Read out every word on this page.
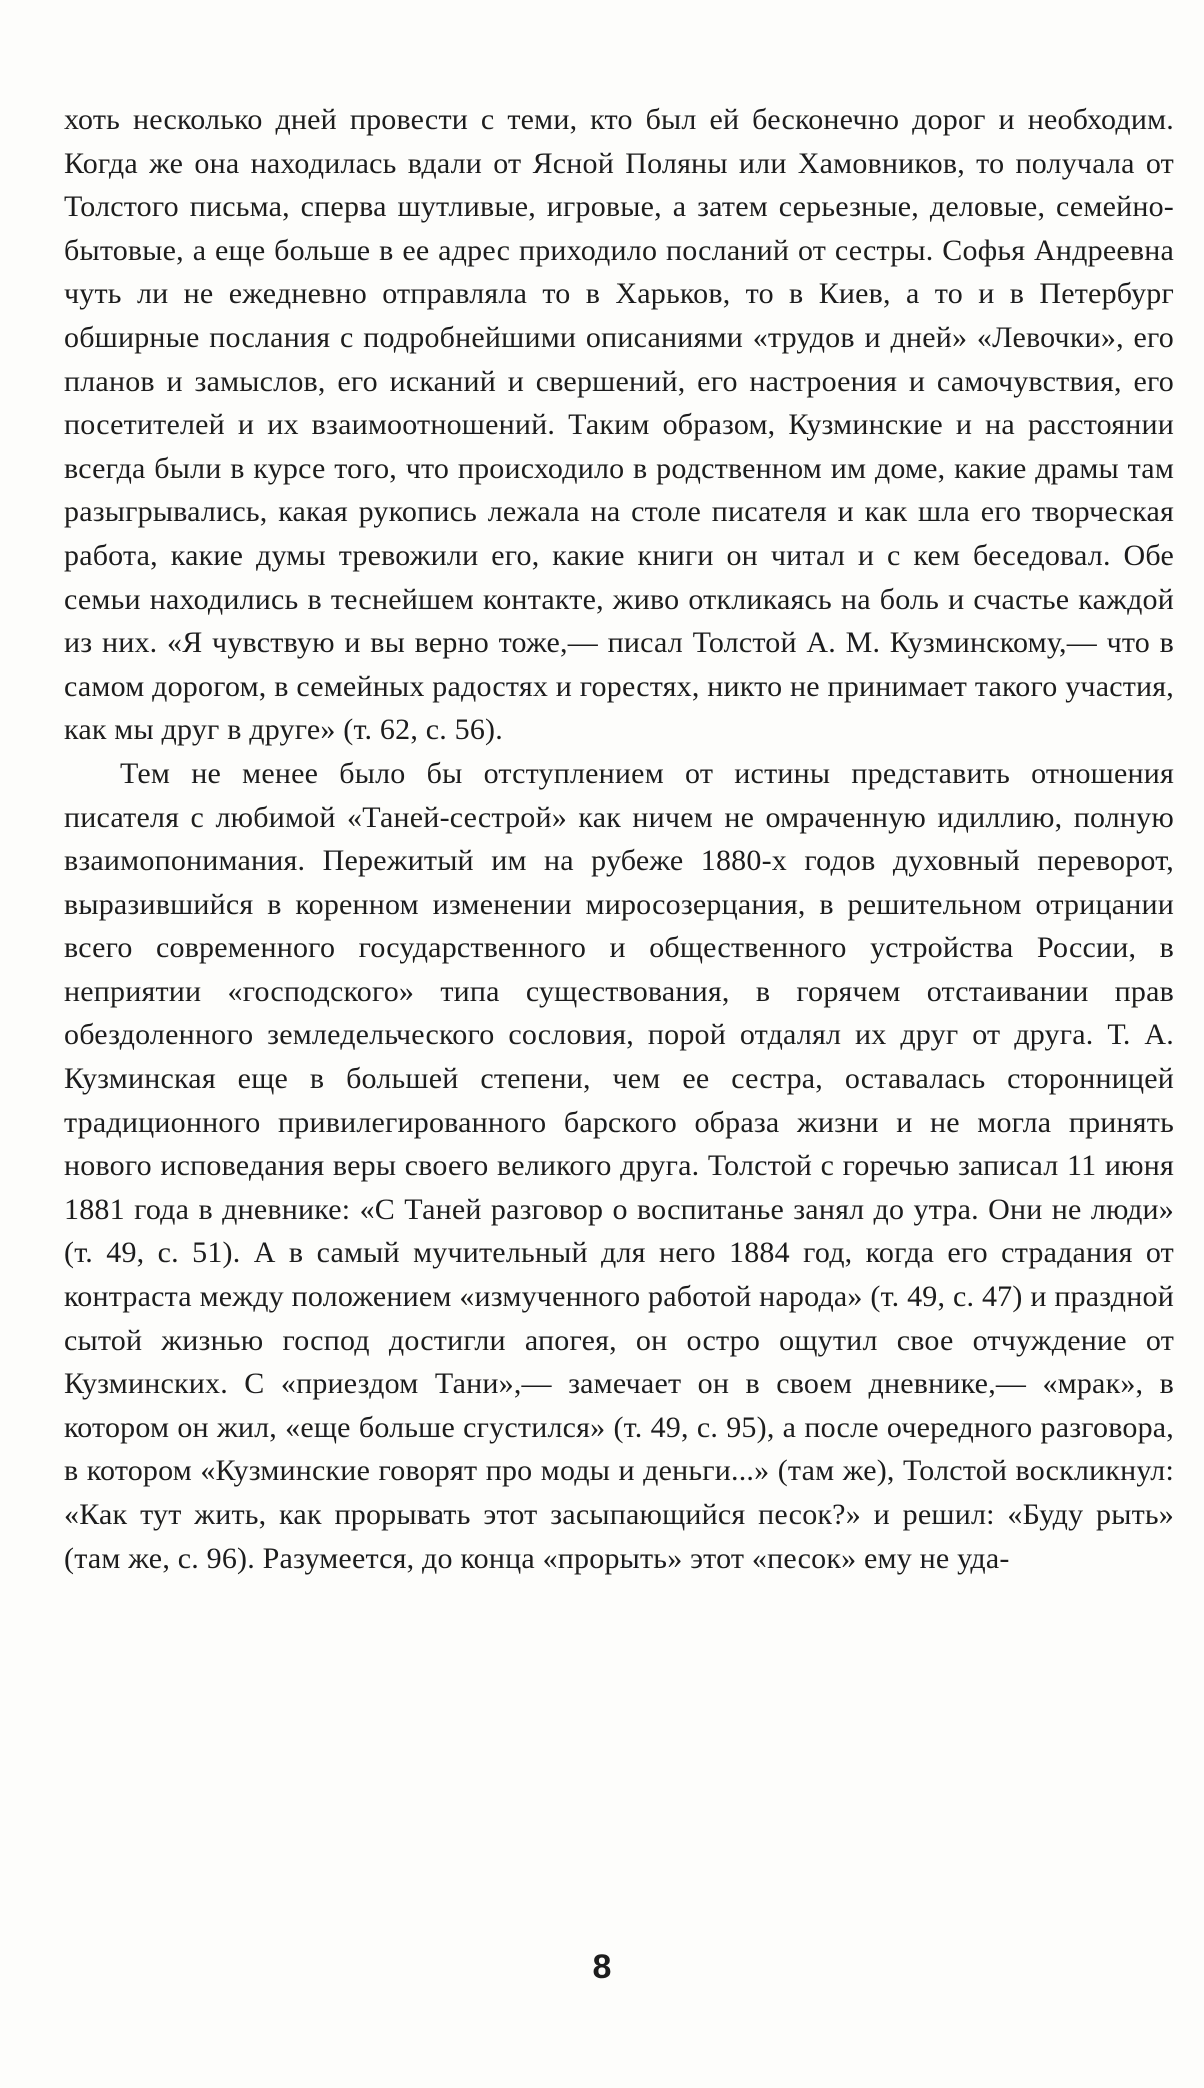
хоть несколько дней провести с теми, кто был ей бесконечно дорог и необходим. Когда же она находилась вдали от Ясной Поляны или Хамовников, то получала от Толстого письма, сперва шутливые, игровые, а затем серьезные, деловые, семейно-бытовые, а еще больше в ее адрес приходило посланий от сестры. Софья Андреевна чуть ли не ежедневно отправляла то в Харьков, то в Киев, а то и в Петербург обширные послания с подробнейшими описаниями «трудов и дней» «Левочки», его планов и замыслов, его исканий и свершений, его настроения и самочувствия, его посетителей и их взаимоотношений. Таким образом, Кузминские и на расстоянии всегда были в курсе того, что происходило в родственном им доме, какие драмы там разыгрывались, какая рукопись лежала на столе писателя и как шла его творческая работа, какие думы тревожили его, какие книги он читал и с кем беседовал. Обе семьи находились в теснейшем контакте, живо откликаясь на боль и счастье каждой из них. «Я чувствую и вы верно тоже,— писал Толстой А. М. Кузминскому,— что в самом дорогом, в семейных радостях и горестях, никто не принимает такого участия, как мы друг в друге» (т. 62, с. 56).

Тем не менее было бы отступлением от истины представить отношения писателя с любимой «Таней-сестрой» как ничем не омраченную идиллию, полную взаимопонимания. Пережитый им на рубеже 1880-х годов духовный переворот, выразившийся в коренном изменении миросозерцания, в решительном отрицании всего современного государственного и общественного устройства России, в неприятии «господского» типа существования, в горячем отстаивании прав обездоленного земледельческого сословия, порой отдалял их друг от друга. Т. А. Кузминская еще в большей степени, чем ее сестра, оставалась сторонницей традиционного привилегированного барского образа жизни и не могла принять нового исповедания веры своего великого друга. Толстой с горечью записал 11 июня 1881 года в дневнике: «С Таней разговор о воспитанье занял до утра. Они не люди» (т. 49, с. 51). А в самый мучительный для него 1884 год, когда его страдания от контраста между положением «измученного работой народа» (т. 49, с. 47) и праздной сытой жизнью господ достигли апогея, он остро ощутил свое отчуждение от Кузминских. С «приездом Тани»,— замечает он в своем дневнике,— «мрак», в котором он жил, «еще больше сгустился» (т. 49, с. 95), а после очередного разговора, в котором «Кузминские говорят про моды и деньги...» (там же), Толстой воскликнул: «Как тут жить, как прорывать этот засыпающийся песок?» и решил: «Буду рыть» (там же, с. 96). Разумеется, до конца «прорыть» этот «песок» ему не уда-

8
